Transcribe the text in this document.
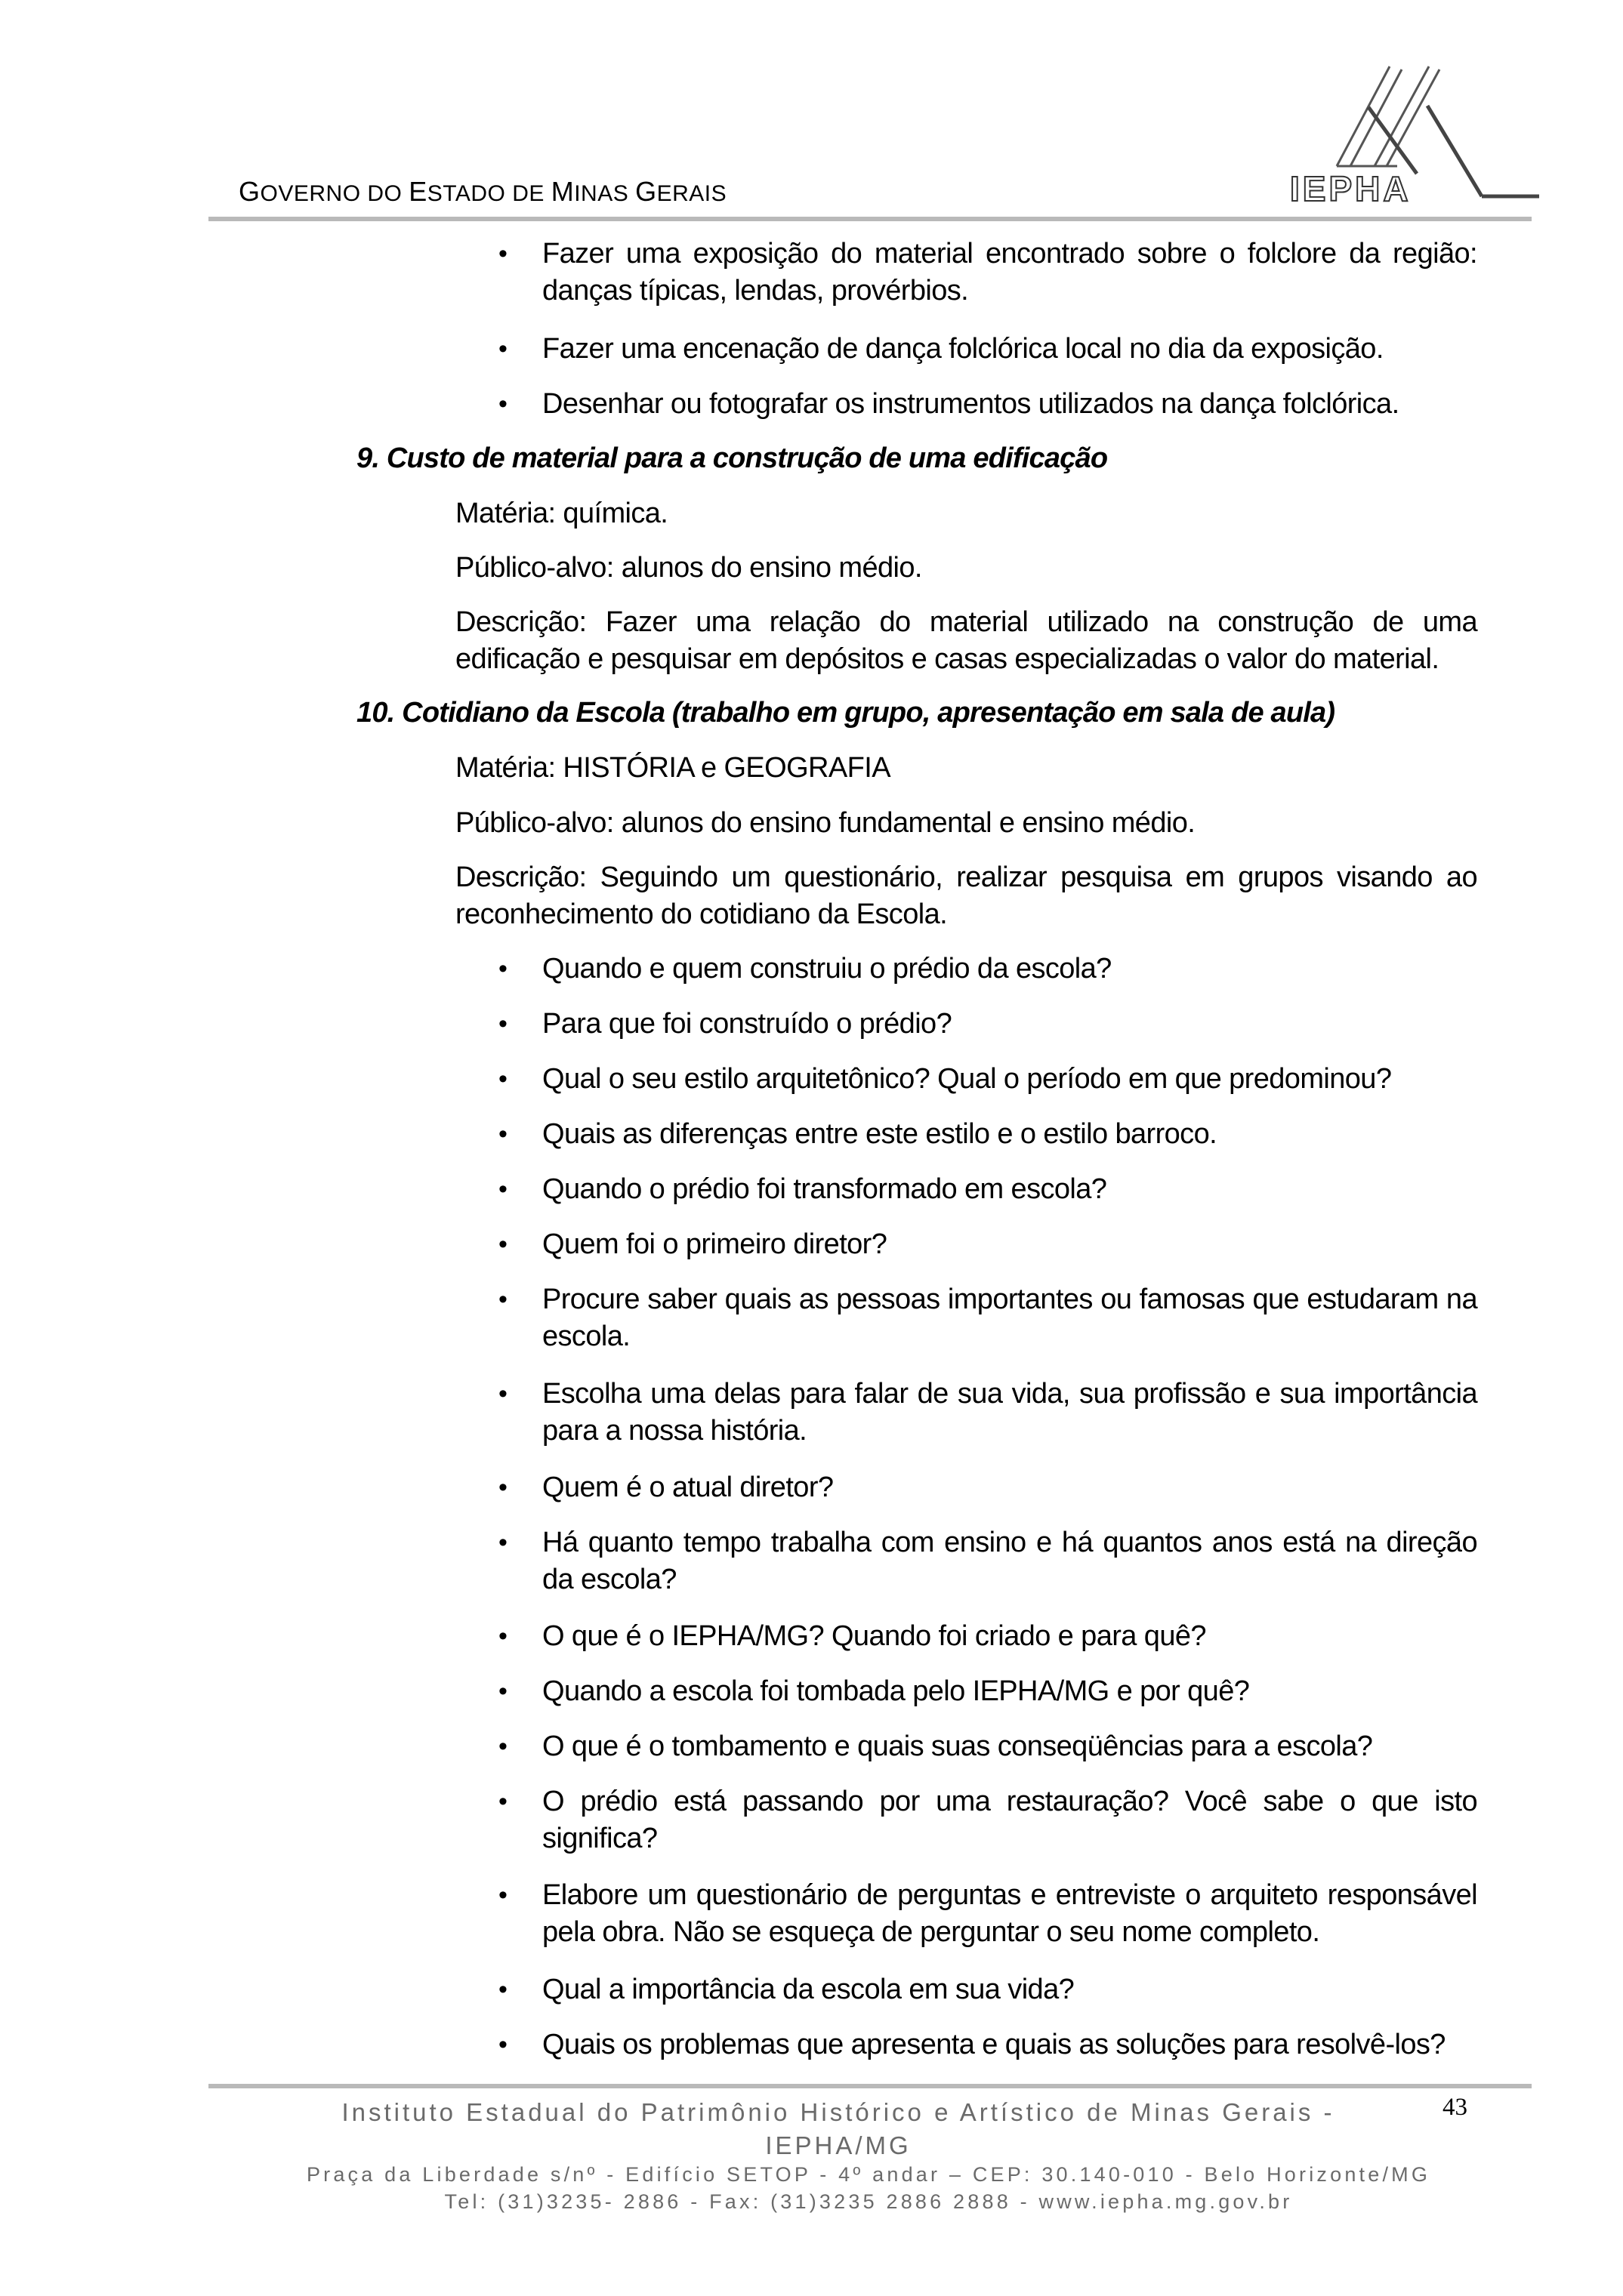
GOVERNO DO ESTADO DE MINAS GERAIS	IEPHA
• Fazer uma exposição do material encontrado sobre o folclore da região: danças típicas, lendas, provérbios.
• Fazer uma encenação de dança folclórica local no dia da exposição.
• Desenhar ou fotografar os instrumentos utilizados na dança folclórica.
9. Custo de material para a construção de uma edificação
Matéria: química.
Público-alvo: alunos do ensino médio.
Descrição: Fazer uma relação do material utilizado na construção de uma edificação e pesquisar em depósitos e casas especializadas o valor do material.
10. Cotidiano da Escola (trabalho em grupo, apresentação em sala de aula)
Matéria: HISTÓRIA e GEOGRAFIA
Público-alvo: alunos do ensino fundamental e ensino médio.
Descrição: Seguindo um questionário, realizar pesquisa em grupos visando ao reconhecimento do cotidiano da Escola.
• Quando e quem construiu o prédio da escola?
• Para que foi construído o prédio?
• Qual o seu estilo arquitetônico? Qual o período em que predominou?
• Quais as diferenças entre este estilo e o estilo barroco.
• Quando o prédio foi transformado em escola?
• Quem foi o primeiro diretor?
• Procure saber quais as pessoas importantes ou famosas que estudaram na escola.
• Escolha uma delas para falar de sua vida, sua profissão e sua importância para a nossa história.
• Quem é o atual diretor?
• Há quanto tempo trabalha com ensino e há quantos anos está na direção da escola?
• O que é o IEPHA/MG? Quando foi criado e para quê?
• Quando a escola foi tombada pelo IEPHA/MG e por quê?
• O que é o tombamento e quais suas conseqüências para a escola?
• O prédio está passando por uma restauração? Você sabe o que isto significa?
• Elabore um questionário de perguntas e entreviste o arquiteto responsável pela obra. Não se esqueça de perguntar o seu nome completo.
• Qual a importância da escola em sua vida?
• Quais os problemas que apresenta e quais as soluções para resolvê-los?
Instituto Estadual do Patrimônio Histórico e Artístico de Minas Gerais -
IEPHA/MG
43
Praça da Liberdade s/nº - Edifício SETOP - 4º andar – CEP: 30.140-010 - Belo Horizonte/MG
Tel: (31)3235- 2886 - Fax: (31)3235 2886 2888 - www.iepha.mg.gov.br
